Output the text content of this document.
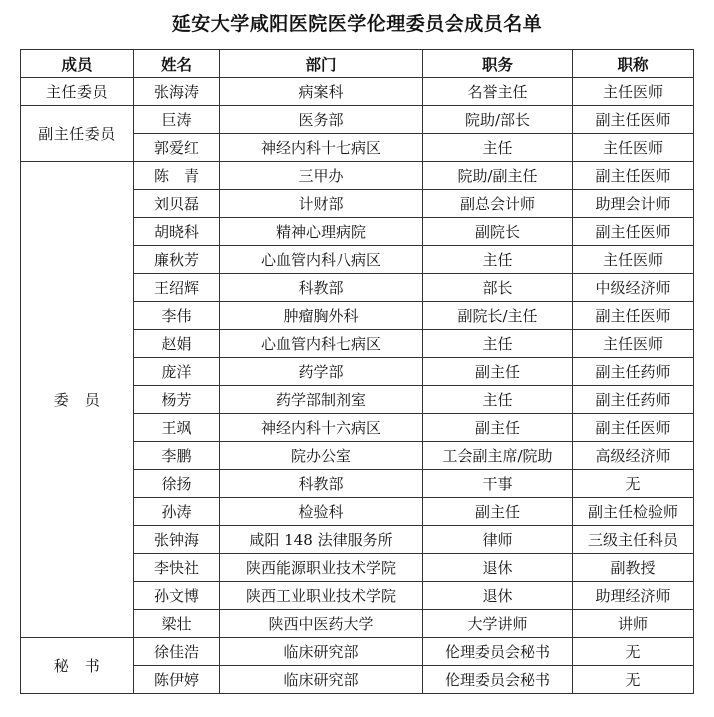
延安大学咸阳医院医学伦理委员会成员名单
成员	姓名	部门	职务	职称
主任委员	张海涛	病案科	名誉主任	主任医师
副主任委员	巨涛	医务部	院助/部长	副主任医师
	郭爱红	神经内科十七病区	主任	主任医师
委　员	陈　青	三甲办	院助/副主任	副主任医师
	刘贝磊	计财部	副总会计师	助理会计师
	胡晓科	精神心理病院	副院长	副主任医师
	廉秋芳	心血管内科八病区	主任	主任医师
	王绍辉	科教部	部长	中级经济师
	李伟	肿瘤胸外科	副院长/主任	副主任医师
	赵娟	心血管内科七病区	主任	主任医师
	庞洋	药学部	副主任	副主任药师
	杨芳	药学部制剂室	主任	副主任药师
	王飒	神经内科十六病区	副主任	副主任医师
	李鹏	院办公室	工会副主席/院助	高级经济师
	徐扬	科教部	干事	无
	孙涛	检验科	副主任	副主任检验师
	张钟海	咸阳 148 法律服务所	律师	三级主任科员
	李快社	陕西能源职业技术学院	退休	副教授
	孙文博	陕西工业职业技术学院	退休	助理经济师
	梁壮	陕西中医药大学	大学讲师	讲师
秘　书	徐佳浩	临床研究部	伦理委员会秘书	无
	陈伊婷	临床研究部	伦理委员会秘书	无
